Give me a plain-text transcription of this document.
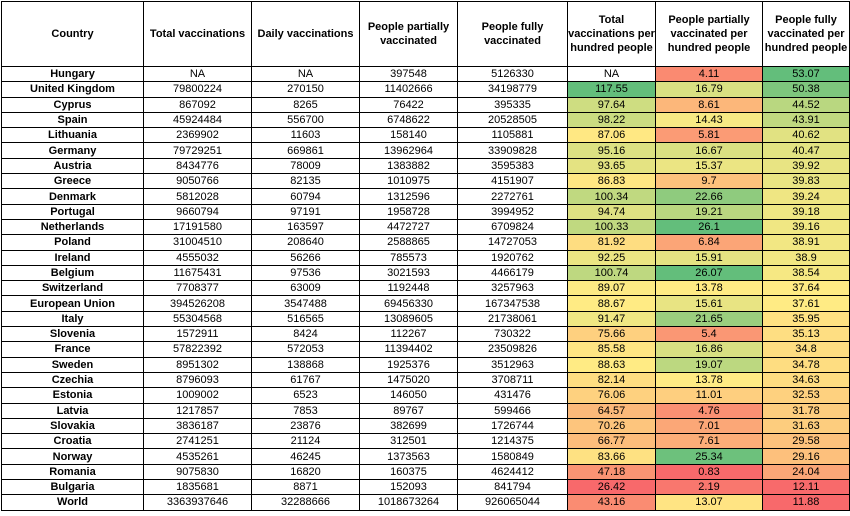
Country	Total vaccinations	Daily vaccinations	People partially vaccinated	People fully vaccinated	Total vaccinations per hundred people	People partially vaccinated per hundred people	People fully vaccinated per hundred people
Hungary	NA	NA	397548	5126330	NA	4.11	53.07
United Kingdom	79800224	270150	11402666	34198779	117.55	16.79	50.38
Cyprus	867092	8265	76422	395335	97.64	8.61	44.52
Spain	45924484	556700	6748622	20528505	98.22	14.43	43.91
Lithuania	2369902	11603	158140	1105881	87.06	5.81	40.62
Germany	79729251	669861	13962964	33909828	95.16	16.67	40.47
Austria	8434776	78009	1383882	3595383	93.65	15.37	39.92
Greece	9050766	82135	1010975	4151907	86.83	9.7	39.83
Denmark	5812028	60794	1312596	2272761	100.34	22.66	39.24
Portugal	9660794	97191	1958728	3994952	94.74	19.21	39.18
Netherlands	17191580	163597	4472727	6709824	100.33	26.1	39.16
Poland	31004510	208640	2588865	14727053	81.92	6.84	38.91
Ireland	4555032	56266	785573	1920762	92.25	15.91	38.9
Belgium	11675431	97536	3021593	4466179	100.74	26.07	38.54
Switzerland	7708377	63009	1192448	3257963	89.07	13.78	37.64
European Union	394526208	3547488	69456330	167347538	88.67	15.61	37.61
Italy	55304568	516565	13089605	21738061	91.47	21.65	35.95
Slovenia	1572911	8424	112267	730322	75.66	5.4	35.13
France	57822392	572053	11394402	23509826	85.58	16.86	34.8
Sweden	8951302	138868	1925376	3512963	88.63	19.07	34.78
Czechia	8796093	61767	1475020	3708711	82.14	13.78	34.63
Estonia	1009002	6523	146050	431476	76.06	11.01	32.53
Latvia	1217857	7853	89767	599466	64.57	4.76	31.78
Slovakia	3836187	23876	382699	1726744	70.26	7.01	31.63
Croatia	2741251	21124	312501	1214375	66.77	7.61	29.58
Norway	4535261	46245	1373563	1580849	83.66	25.34	29.16
Romania	9075830	16820	160375	4624412	47.18	0.83	24.04
Bulgaria	1835681	8871	152093	841794	26.42	2.19	12.11
World	3363937646	32288666	1018673264	926065044	43.16	13.07	11.88
